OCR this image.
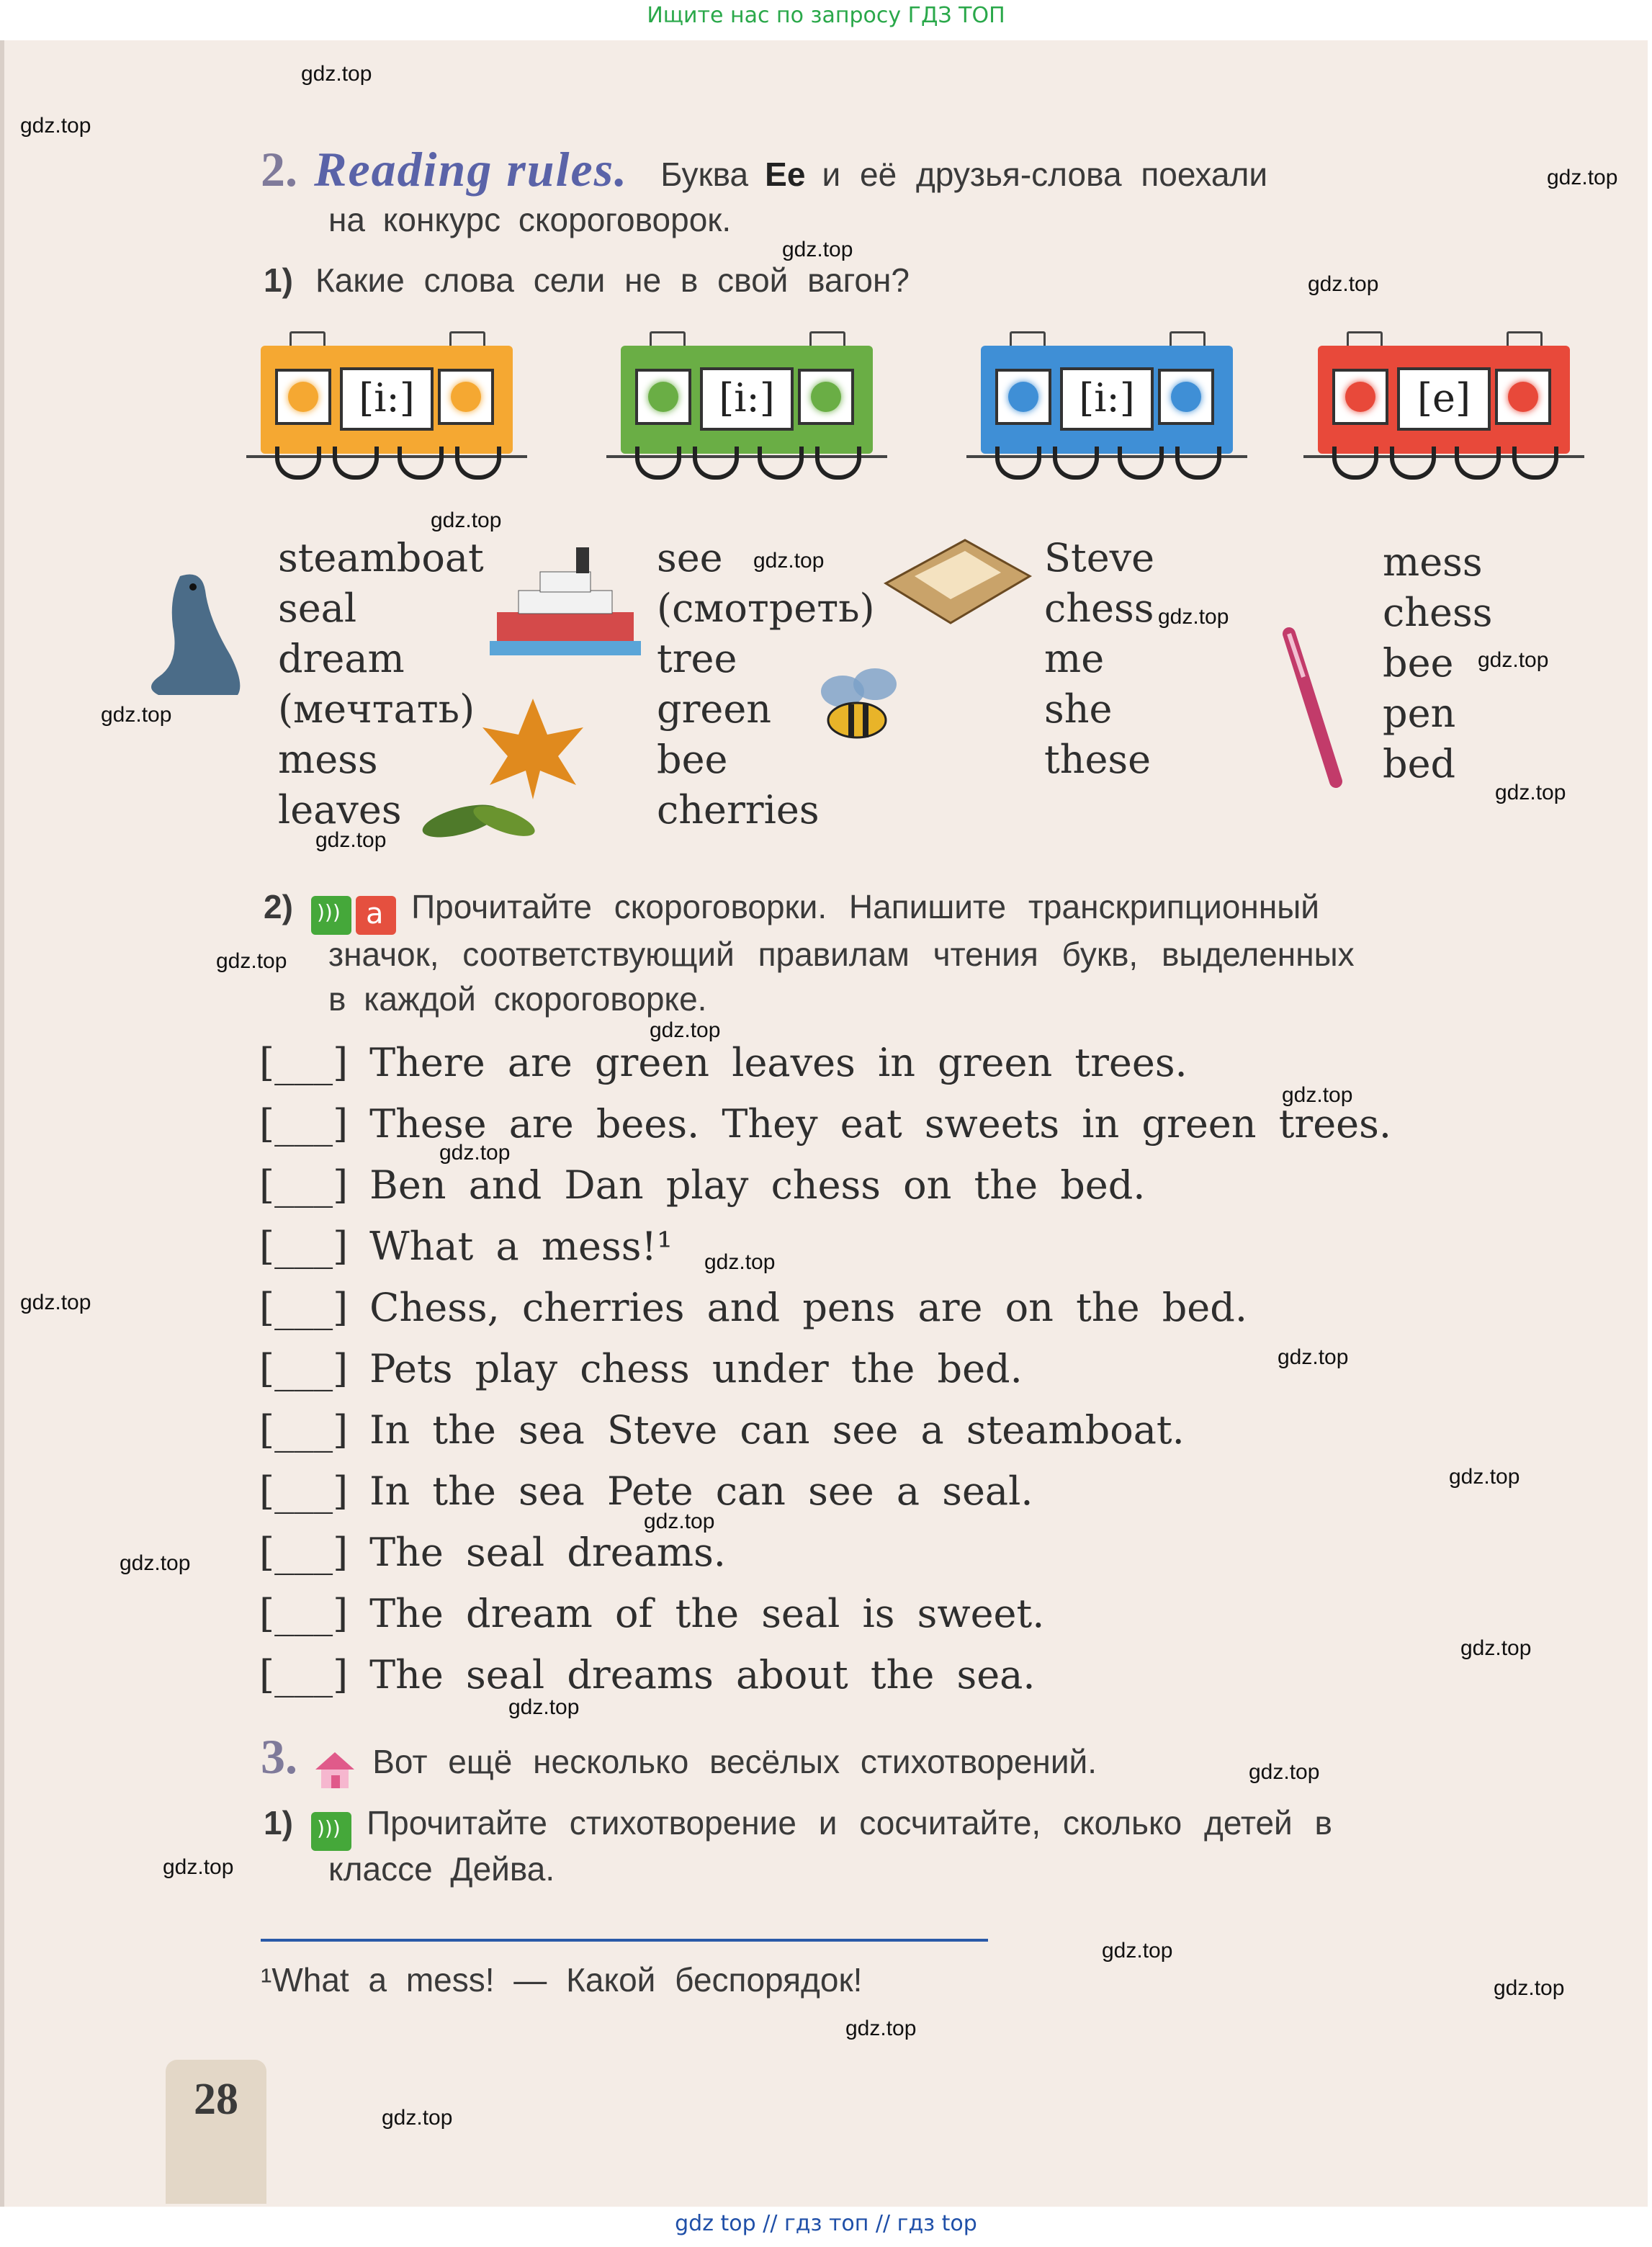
Ищите нас по запросу ГДЗ ТОП
2. Reading rules. Буква Ee и её друзья-слова поехали
на конкурс скороговорок.
1) Какие слова сели не в свой вагон?
[i:]	[i:]	[i:]	[e]
steamboat
seal
dream
(мечтать)
mess
leaves
see
(смотреть)
tree
green
bee
cherries
Steve
chess
me
she
these
mess
chess
bee
pen
bed
2) ))) a	Прочитайте скороговорки. Напишите транскрипционный
значок, соответствующий правилам чтения букв, выделенных
в каждой скороговорке.
[___] There are green leaves in green trees.
[___] These are bees. They eat sweets in green trees.
[___] Ben and Dan play chess on the bed.
[___] What a mess!¹
[___] Chess, cherries and pens are on the bed.
[___] Pets play chess under the bed.
[___] In the sea Steve can see a steamboat.
[___] In the sea Pete can see a seal.
[___] The seal dreams.
[___] The dream of the seal is sweet.
[___] The seal dreams about the sea.
3. Вот ещё несколько весёлых стихотворений.
1) ))) Прочитайте стихотворение и сосчитайте, сколько детей в
классе Дейва.
¹What a mess! — Какой беспорядок!
28
gdz.top
gdz.top
gdz.top
gdz.top
gdz.top
gdz.top
gdz.top
gdz.top
gdz.top
gdz.top
gdz.top
gdz.top
gdz.top
gdz.top
gdz.top
gdz.top
gdz.top
gdz.top
gdz.top
gdz.top
gdz.top
gdz.top
gdz.top
gdz.top
gdz.top
gdz.top
gdz.top
gdz.top
gdz.top
gdz.top
gdz top // гдз топ // гдз top
